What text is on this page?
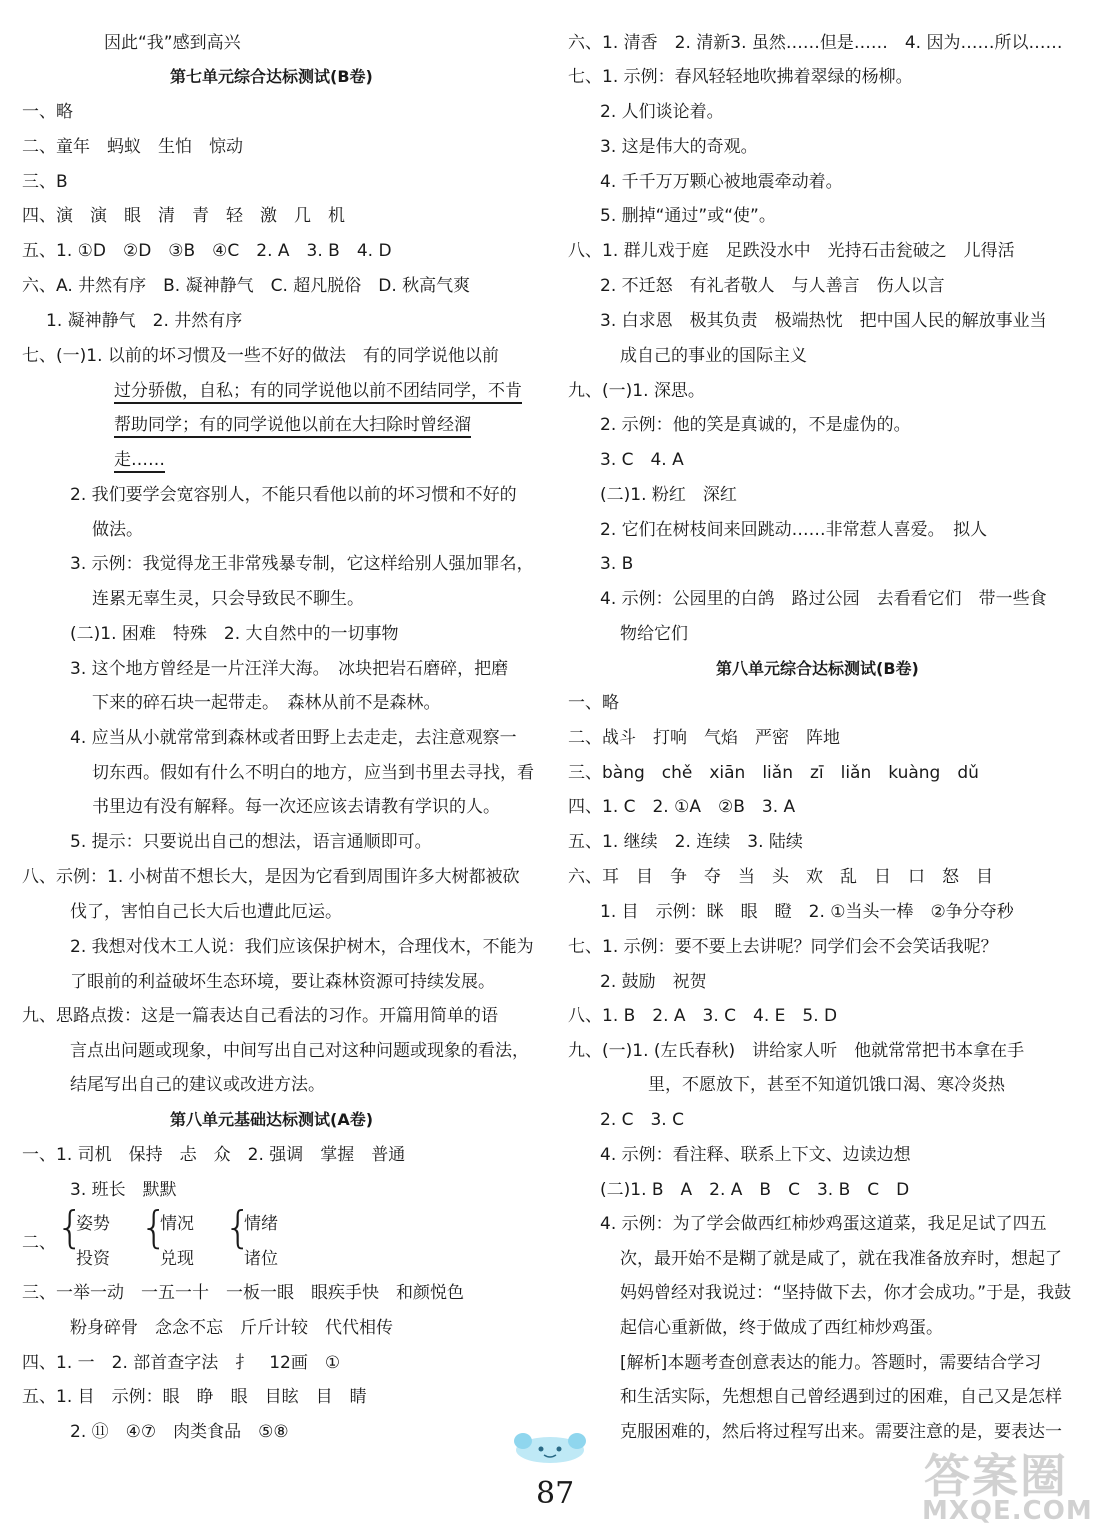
因此“我”感到高兴
第七单元综合达标测试(B卷)
一、略
二、童年　蚂蚁　生怕　惊动
三、B
四、演　演　眼　清　青　轻　激　几　机
五、1. ①D　②D　③B　④C　2. A　3. B　4. D
六、A. 井然有序　B. 凝神静气　C. 超凡脱俗　D. 秋高气爽
1. 凝神静气　2. 井然有序
七、(一)1. 以前的坏习惯及一些不好的做法　有的同学说他以前
过分骄傲，自私；有的同学说他以前不团结同学，不肯
帮助同学；有的同学说他以前在大扫除时曾经溜
走……
2. 我们要学会宽容别人，不能只看他以前的坏习惯和不好的
做法。
3. 示例：我觉得龙王非常残暴专制，它这样给别人强加罪名，
连累无辜生灵，只会导致民不聊生。
(二)1. 困难　特殊　2. 大自然中的一切事物
3. 这个地方曾经是一片汪洋大海。　冰块把岩石磨碎，把磨
下来的碎石块一起带走。　森林从前不是森林。
4. 应当从小就常常到森林或者田野上去走走，去注意观察一
切东西。假如有什么不明白的地方，应当到书里去寻找，看
书里边有没有解释。每一次还应该去请教有学识的人。
5. 提示：只要说出自己的想法，语言通顺即可。
八、示例：1. 小树苗不想长大，是因为它看到周围许多大树都被砍
伐了，害怕自己长大后也遭此厄运。
2. 我想对伐木工人说：我们应该保护树木，合理伐木，不能为
了眼前的利益破坏生态环境，要让森林资源可持续发展。
九、思路点拨：这是一篇表达自己看法的习作。开篇用简单的语
言点出问题或现象，中间写出自己对这种问题或现象的看法，
结尾写出自己的建议或改进方法。
第八单元基础达标测试(A卷)
一、1. 司机　保持　忐　众　2. 强调　掌握　普通
3. 班长　默默
二、 {
姿势
投资
{
情况
兑现
{
情绪
诸位
三、一举一动　一五一十　一板一眼　眼疾手快　和颜悦色
粉身碎骨　念念不忘　斤斤计较　代代相传
四、1. 一　2. 部首查字法　扌　12画　①
五、1. 目　示例：眼　睁　眼　目眩　目　睛
2. ⑪　④⑦　肉类食品　⑤⑧
六、1. 清香　2. 清新3. 虽然……但是……　4. 因为……所以……
七、1. 示例：春风轻轻地吹拂着翠绿的杨柳。
2. 人们谈论着。
3. 这是伟大的奇观。
4. 千千万万颗心被地震牵动着。
5. 删掉“通过”或“使”。
八、1. 群儿戏于庭　足跌没水中　光持石击瓮破之　儿得活
2. 不迁怒　有礼者敬人　与人善言　伤人以言
3. 白求恩　极其负责　极端热忱　把中国人民的解放事业当
成自己的事业的国际主义
九、(一)1. 深思。
2. 示例：他的笑是真诚的，不是虚伪的。
3. C　4. A
(二)1. 粉红　深红
2. 它们在树枝间来回跳动……非常惹人喜爱。　拟人
3. B
4. 示例：公园里的白鸽　路过公园　去看看它们　带一些食
物给它们
第八单元综合达标测试(B卷)
一、略
二、战斗　打响　气焰　严密　阵地
三、bàng　chě　xiān　liǎn　zī　liǎn　kuàng　dǔ
四、1. C　2. ①A　②B　3. A
五、1. 继续　2. 连续　3. 陆续
六、耳　目　争　夺　当　头　欢　乱　日　口　怒　目
1. 目　示例：眯　眼　瞪　2. ①当头一棒　②争分夺秒
七、1. 示例：要不要上去讲呢？同学们会不会笑话我呢？
2. 鼓励　祝贺
八、1. B　2. A　3. C　4. E　5. D
九、(一)1. (左氏春秋)　讲给家人听　他就常常把书本拿在手
里，不愿放下，甚至不知道饥饿口渴、寒冷炎热
2. C　3. C
4. 示例：看注释、联系上下文、边读边想
(二)1. B　A　2. A　B　C　3. B　C　D
4. 示例：为了学会做西红柿炒鸡蛋这道菜，我足足试了四五
次，最开始不是糊了就是咸了，就在我准备放弃时，想起了
妈妈曾经对我说过：“坚持做下去，你才会成功。”于是，我鼓
起信心重新做，终于做成了西红柿炒鸡蛋。
[解析]本题考查创意表达的能力。答题时，需要结合学习
和生活实际，先想想自己曾经遇到过的困难，自己又是怎样
克服困难的，然后将过程写出来。需要注意的是，要表达一
87	答案圈
MXQE.COM
